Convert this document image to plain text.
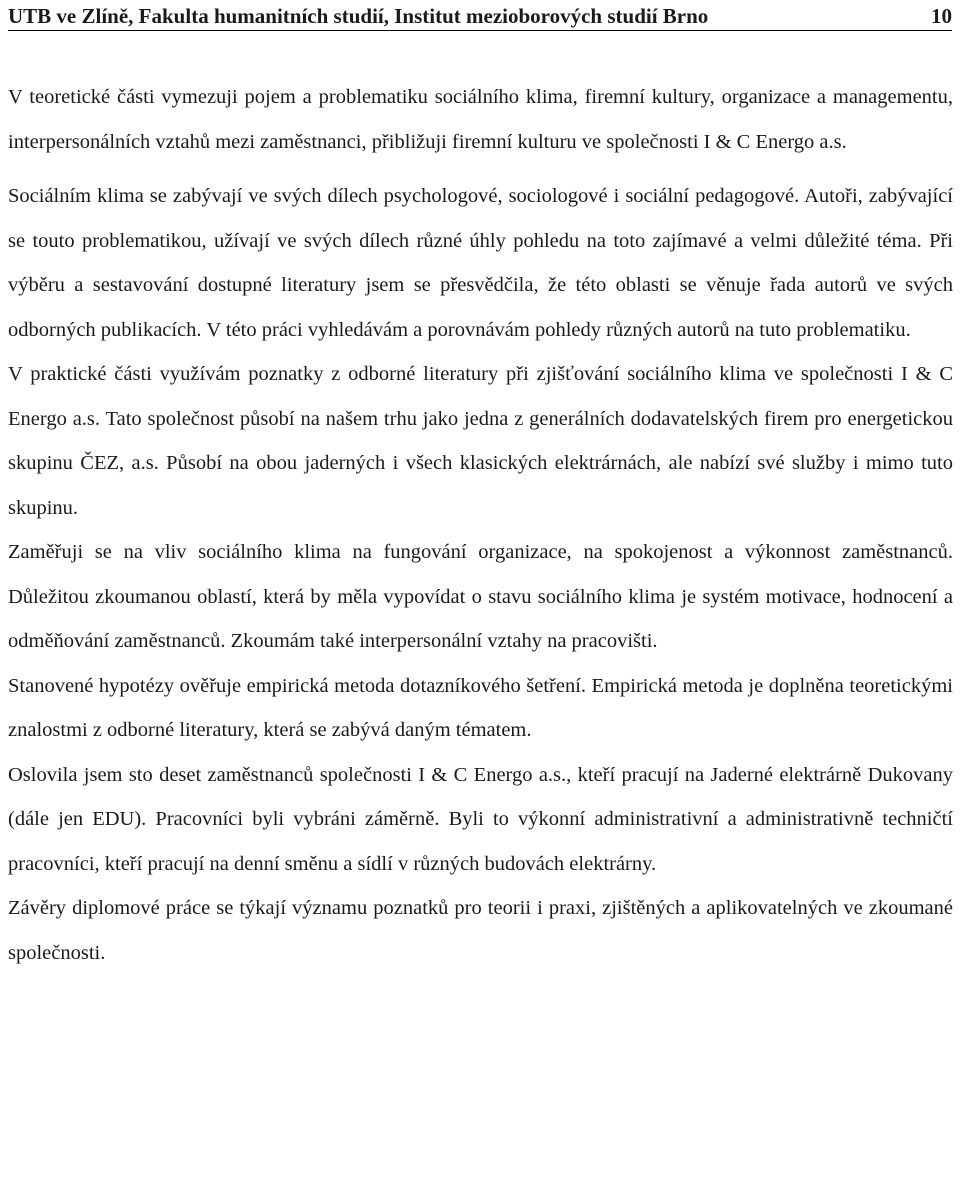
UTB ve Zlíně, Fakulta humanitních studií, Institut mezioborových studií Brno	10

V teoretické části vymezuji pojem a problematiku sociálního klima, firemní kultury, organizace a managementu, interpersonálních vztahů mezi zaměstnanci, přibližuji firemní kulturu ve společnosti I & C Energo a.s.

Sociálním klima se zabývají ve svých dílech psychologové, sociologové i sociální pedagogové. Autoři, zabývající se touto problematikou, užívají ve svých dílech různé úhly pohledu na toto zajímavé a velmi důležité téma. Při výběru a sestavování dostupné literatury jsem se přesvědčila, že této oblasti se věnuje řada autorů ve svých odborných publikacích. V této práci vyhledávám a porovnávám pohledy různých autorů na tuto problematiku.

V praktické části využívám poznatky z odborné literatury při zjišťování sociálního klima ve společnosti I & C Energo a.s. Tato společnost působí na našem trhu jako jedna z generálních dodavatelských firem pro energetickou skupinu ČEZ, a.s. Působí na obou jaderných i všech klasických elektrárnách, ale nabízí své služby i mimo tuto skupinu.

Zaměřuji se na vliv sociálního klima na fungování organizace, na spokojenost a výkonnost zaměstnanců. Důležitou zkoumanou oblastí, která by měla vypovídat o stavu sociálního klima je systém motivace, hodnocení a odměňování zaměstnanců. Zkoumám také interpersonální vztahy na pracovišti.

Stanovené hypotézy ověřuje empirická metoda dotazníkového šetření. Empirická metoda je doplněna teoretickými znalostmi z odborné literatury, která se zabývá daným tématem.

Oslovila jsem sto deset zaměstnanců společnosti I & C Energo a.s., kteří pracují na Jaderné elektrárně Dukovany (dále jen EDU). Pracovníci byli vybráni záměrně. Byli to výkonní administrativní a administrativně techničtí pracovníci, kteří pracují na denní směnu a sídlí v různých budovách elektrárny.

Závěry diplomové práce se týkají významu poznatků pro teorii i praxi, zjištěných a aplikovatelných ve zkoumané společnosti.
